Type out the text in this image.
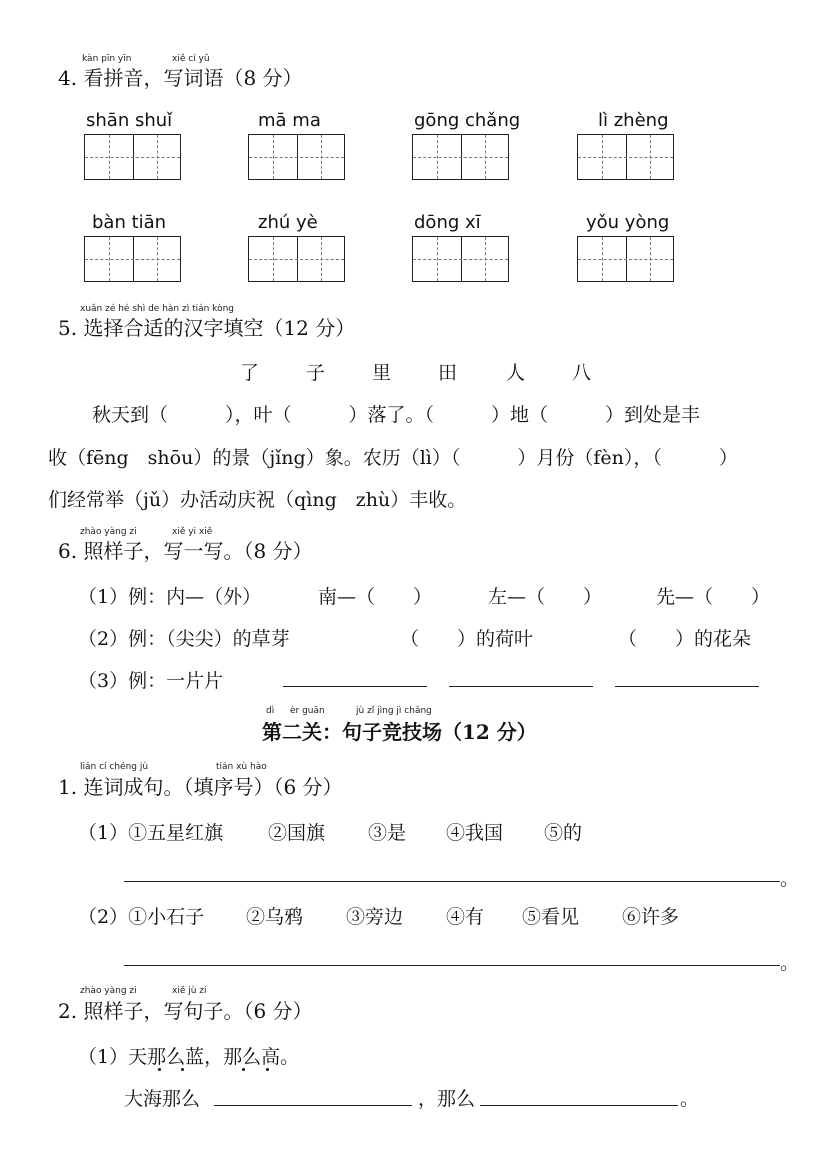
kàn pīn yīn	xiě cí yǔ
4. 看拼音，写词语（8 分）
shān shuǐ	mā ma	gōng chǎng	lì zhèng
bàn tiān	zhú yè	dōng xī	yǒu yòng
xuǎn zé hé shì de hàn zì tián kòng
5. 选择合适的汉字填空（12 分）
了 子 里 田	人 八
秋天到（　　　），叶（　　　）落了。（　　　）地（　　　）到处是丰
收（fēng　shōu）的景（jǐng）象。农历（lì）（　　　）月份（fèn），（　　　）
们经常举（jǔ）办活动庆祝（qìng　zhù）丰收。
zhào yàng zi	xiě yi xiě
6. 照样子，写一写。（8 分）
（1）例：内—（外）	南—（　　）	左—（　　）	先—（　　）
（2）例：（尖尖）的草芽	（　　）的荷叶	（　　）的花朵
（3）例：一片片
dì èr guān	jù zǐ jìng jì chǎng
第二关：句子竞技场（12 分）
lián cí chéng jù	tián xù hào
1. 连词成句。（填序号）（6 分）
（1）①五星红旗 ②国旗 ③是 ④我国 ⑤的
。
（2）①小石子 ②乌鸦 ③旁边 ④有 ⑤看见 ⑥许多
。
zhào yàng zi	xiě jù zi
2. 照样子，写句子。（6 分）
（1）天那么蓝，那么高。
大海那么	，那么	。
